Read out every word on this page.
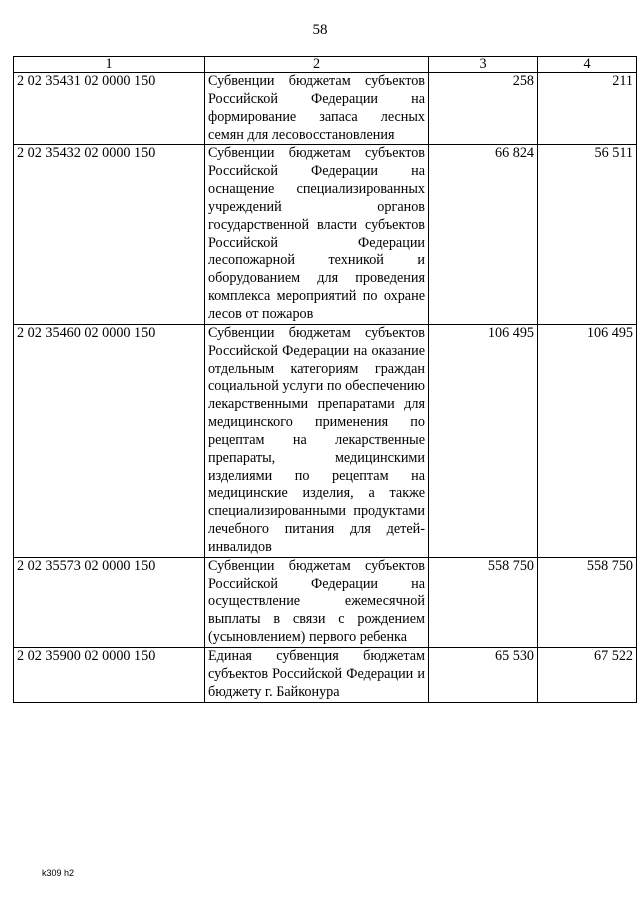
58
1	2	3	4
2 02 35431 02 0000 150	Субвенции бюджетам субъектов Российской Федерации на формирование запаса лесных семян для лесовосстановления	258	211
2 02 35432 02 0000 150	Субвенции бюджетам субъектов Российской Федерации на оснащение специализированных учреждений органов государственной власти субъектов Российской Федерации лесопожарной техникой и оборудованием для проведения комплекса мероприятий по охране лесов от пожаров	66 824	56 511
2 02 35460 02 0000 150	Субвенции бюджетам субъектов Российской Федерации на оказание отдельным категориям граждан социальной услуги по обеспечению лекарственными препаратами для медицинского применения по рецептам на лекарственные препараты, медицинскими изделиями по рецептам на медицинские изделия, а также специализированными продуктами лечебного питания для детей-инвалидов	106 495	106 495
2 02 35573 02 0000 150	Субвенции бюджетам субъектов Российской Федерации на осуществление ежемесячной выплаты в связи с рождением (усыновлением) первого ребенка	558 750	558 750
2 02 35900 02 0000 150	Единая субвенция бюджетам субъектов Российской Федерации и бюджету г. Байконура	65 530	67 522
k309 h2
